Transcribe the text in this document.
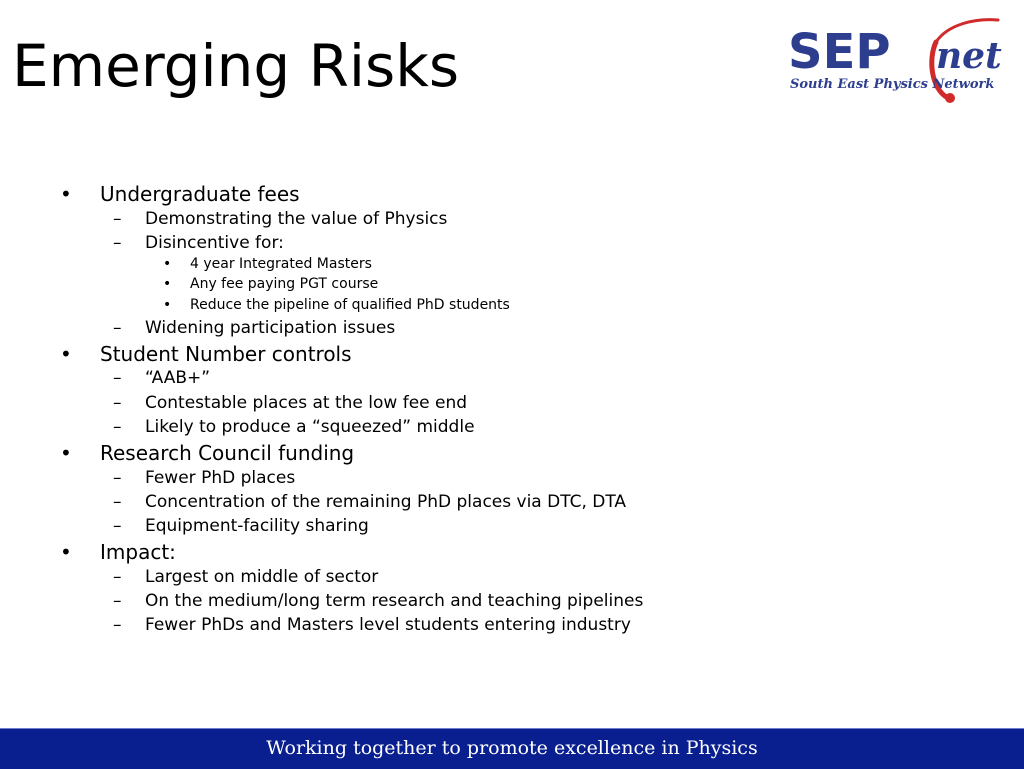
Emerging Risks	SEP net
South East Physics Network
• Undergraduate fees
– Demonstrating the value of Physics
– Disincentive for:
• 4 year Integrated Masters
• Any fee paying PGT course
• Reduce the pipeline of qualified PhD students
– Widening participation issues
• Student Number controls
– “AAB+”
– Contestable places at the low fee end
– Likely to produce a “squeezed” middle
• Research Council funding
– Fewer PhD places
– Concentration of the remaining PhD places via DTC, DTA
– Equipment-facility sharing
• Impact:
– Largest on middle of sector
– On the medium/long term research and teaching pipelines
– Fewer PhDs and Masters level students entering industry
Working together to promote excellence in Physics
